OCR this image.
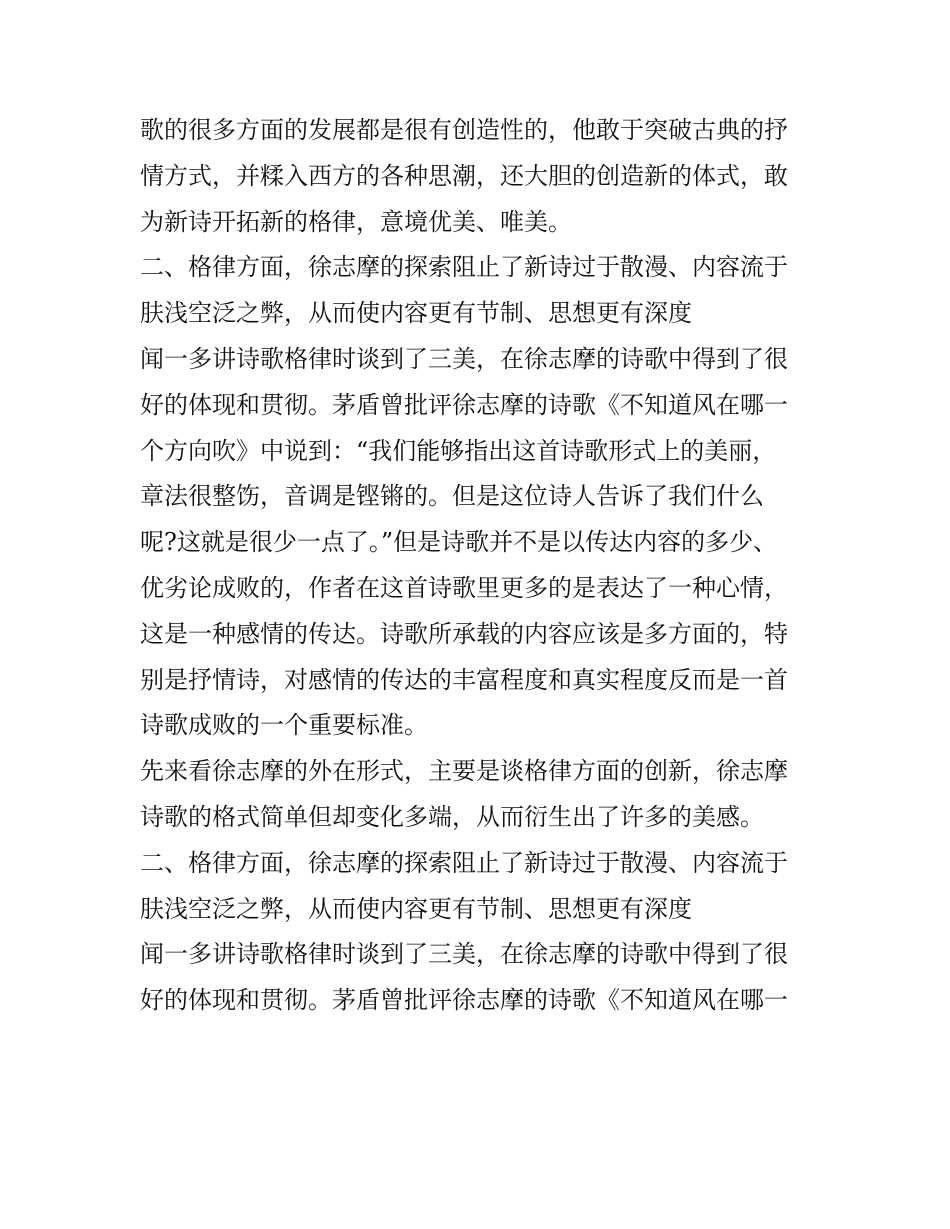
歌的很多方面的发展都是很有创造性的，他敢于突破古典的抒
情方式，并糅入西方的各种思潮，还大胆的创造新的体式，敢
为新诗开拓新的格律，意境优美、唯美。
二、格律方面，徐志摩的探索阻止了新诗过于散漫、内容流于
肤浅空泛之弊，从而使内容更有节制、思想更有深度
闻一多讲诗歌格律时谈到了三美，在徐志摩的诗歌中得到了很
好的体现和贯彻。茅盾曾批评徐志摩的诗歌《不知道风在哪一
个方向吹》中说到：“我们能够指出这首诗歌形式上的美丽，
章法很整饬，音调是铿锵的。但是这位诗人告诉了我们什么
呢?这就是很少一点了。”但是诗歌并不是以传达内容的多少、
优劣论成败的，作者在这首诗歌里更多的是表达了一种心情，
这是一种感情的传达。诗歌所承载的内容应该是多方面的，特
别是抒情诗，对感情的传达的丰富程度和真实程度反而是一首
诗歌成败的一个重要标准。
先来看徐志摩的外在形式，主要是谈格律方面的创新，徐志摩
诗歌的格式简单但却变化多端，从而衍生出了许多的美感。
二、格律方面，徐志摩的探索阻止了新诗过于散漫、内容流于
肤浅空泛之弊，从而使内容更有节制、思想更有深度
闻一多讲诗歌格律时谈到了三美，在徐志摩的诗歌中得到了很
好的体现和贯彻。茅盾曾批评徐志摩的诗歌《不知道风在哪一
